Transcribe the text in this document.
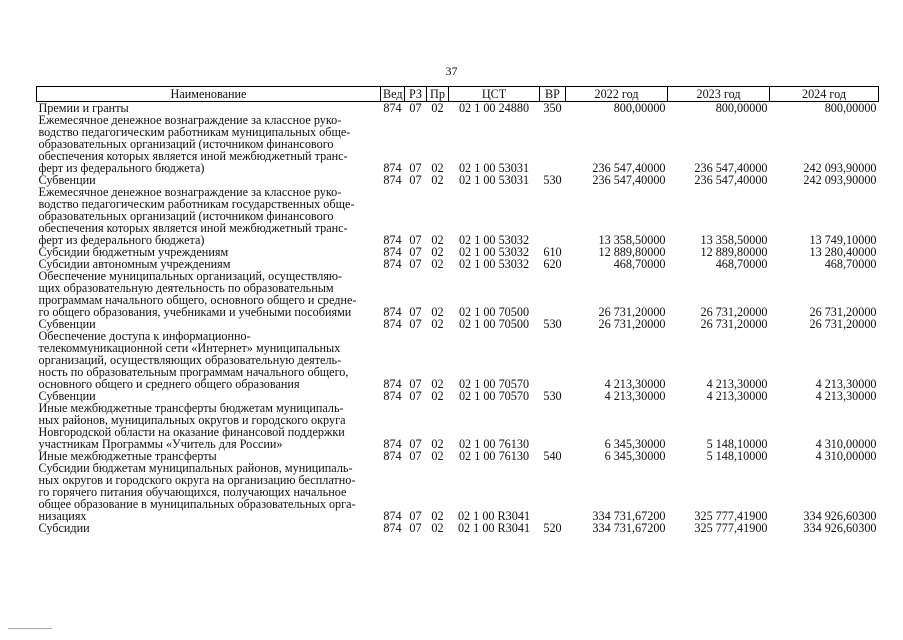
37
Наименование	Вед	РЗ	Пр	ЦСТ	ВР	2022 год	2023 год	2024 год
Премии и гранты	874	07	02	02 1 00 24880	350	800,00000	800,00000	800,00000
Ежемесячное денежное вознаграждение за классное руко-
водство педагогическим работникам муниципальных обще-
образовательных организаций (источником финансового
обеспечения которых является иной межбюджетный транс-
ферт из федерального бюджета)	874	07	02	02 1 00 53031		236 547,40000	236 547,40000	242 093,90000
Субвенции	874	07	02	02 1 00 53031	530	236 547,40000	236 547,40000	242 093,90000
Ежемесячное денежное вознаграждение за классное руко-
водство педагогическим работникам государственных обще-
образовательных организаций (источником финансового
обеспечения которых является иной межбюджетный транс-
ферт из федерального бюджета)	874	07	02	02 1 00 53032		13 358,50000	13 358,50000	13 749,10000
Субсидии бюджетным учреждениям	874	07	02	02 1 00 53032	610	12 889,80000	12 889,80000	13 280,40000
Субсидии автономным учреждениям	874	07	02	02 1 00 53032	620	468,70000	468,70000	468,70000
Обеспечение муниципальных организаций, осуществляю-
щих образовательную деятельность по образовательным
программам начального общего, основного общего и средне-
го общего образования, учебниками и учебными пособиями	874	07	02	02 1 00 70500		26 731,20000	26 731,20000	26 731,20000
Субвенции	874	07	02	02 1 00 70500	530	26 731,20000	26 731,20000	26 731,20000
Обеспечение доступа к информационно-
телекоммуникационной сети «Интернет» муниципальных
организаций, осуществляющих образовательную деятель-
ность по образовательным программам начального общего,
основного общего и среднего общего образования	874	07	02	02 1 00 70570		4 213,30000	4 213,30000	4 213,30000
Субвенции	874	07	02	02 1 00 70570	530	4 213,30000	4 213,30000	4 213,30000
Иные межбюджетные трансферты бюджетам муниципаль-
ных районов, муниципальных округов и городского округа
Новгородской области на оказание финансовой поддержки
участникам Программы «Учитель для России»	874	07	02	02 1 00 76130		6 345,30000	5 148,10000	4 310,00000
Иные межбюджетные трансферты	874	07	02	02 1 00 76130	540	6 345,30000	5 148,10000	4 310,00000
Субсидии бюджетам муниципальных районов, муниципаль-
ных округов и городского округа на организацию бесплатно-
го горячего питания обучающихся, получающих начальное
общее образование в муниципальных образовательных орга-
низациях	874	07	02	02 1 00 R3041		334 731,67200	325 777,41900	334 926,60300
Субсидии	874	07	02	02 1 00 R3041	520	334 731,67200	325 777,41900	334 926,60300
